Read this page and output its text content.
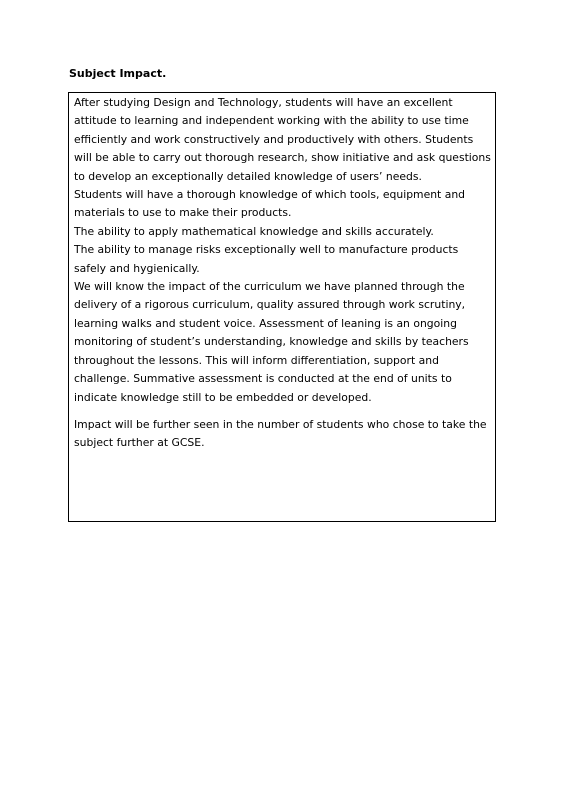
Subject Impact.

After studying Design and Technology, students will have an excellent attitude to learning and independent working with the ability to use time efficiently and work constructively and productively with others. Students will be able to carry out thorough research, show initiative and ask questions to develop an exceptionally detailed knowledge of users’ needs.

Students will have a thorough knowledge of which tools, equipment and materials to use to make their products.

The ability to apply mathematical knowledge and skills accurately.

The ability to manage risks exceptionally well to manufacture products safely and hygienically.

We will know the impact of the curriculum we have planned through the delivery of a rigorous curriculum, quality assured through work scrutiny, learning walks and student voice. Assessment of leaning is an ongoing monitoring of student’s understanding, knowledge and skills by teachers throughout the lessons. This will inform differentiation, support and challenge. Summative assessment is conducted at the end of units to indicate knowledge still to be embedded or developed.

Impact will be further seen in the number of students who chose to take the subject further at GCSE.
